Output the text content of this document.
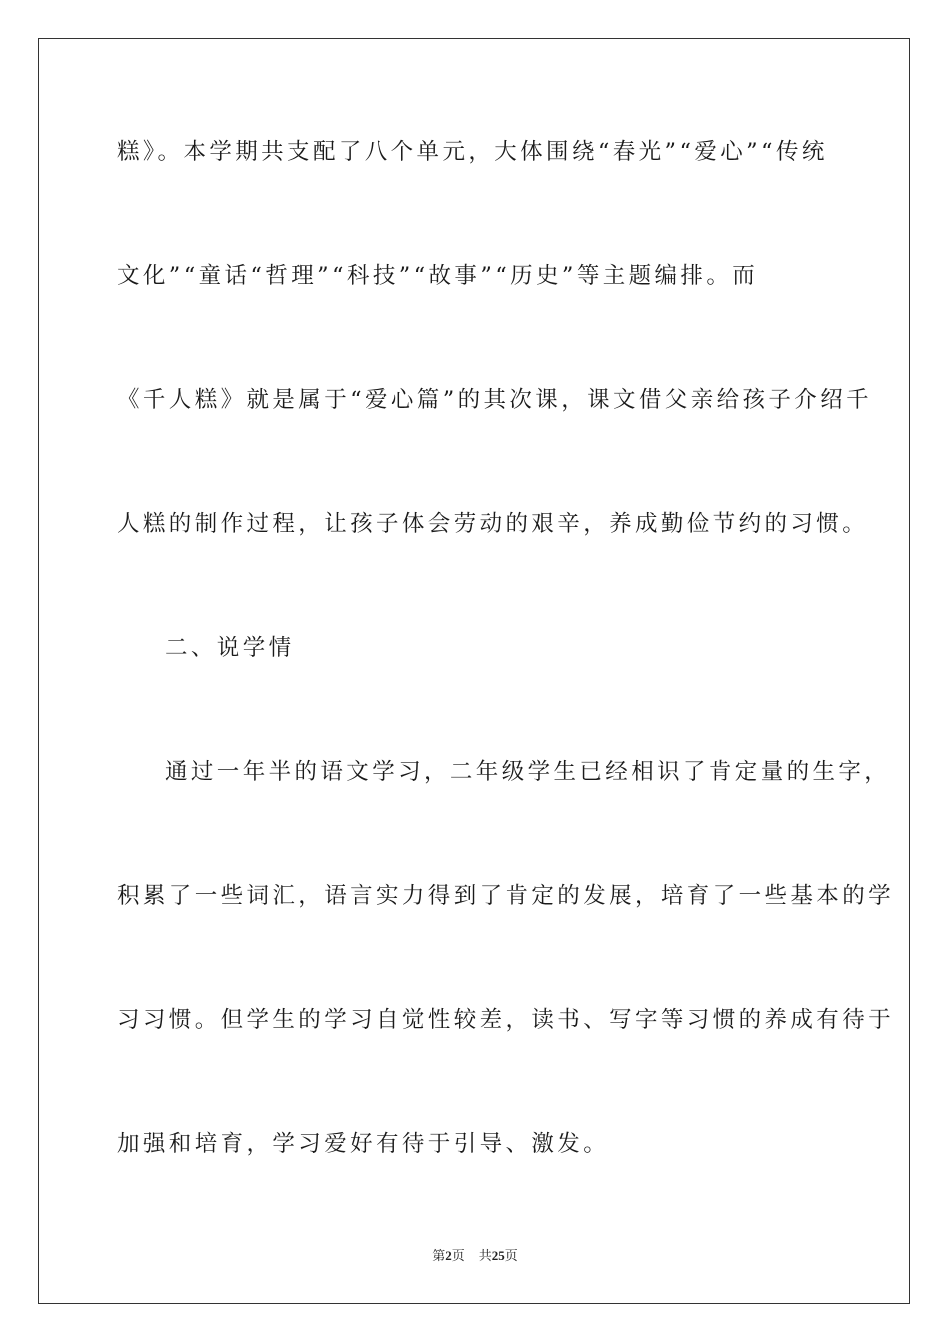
糕》。本学期共支配了八个单元，大体围绕“春光”“爱心”“传统
文化”“童话“哲理”“科技”“故事”“历史”等主题编排。而
《千人糕》就是属于“爱心篇”的其次课，课文借父亲给孩子介绍千
人糕的制作过程，让孩子体会劳动的艰辛，养成勤俭节约的习惯。
二、说学情
通过一年半的语文学习，二年级学生已经相识了肯定量的生字，
积累了一些词汇，语言实力得到了肯定的发展，培育了一些基本的学
习习惯。但学生的学习自觉性较差，读书、写字等习惯的养成有待于
加强和培育，学习爱好有待于引导、激发。
第2页 共25页
